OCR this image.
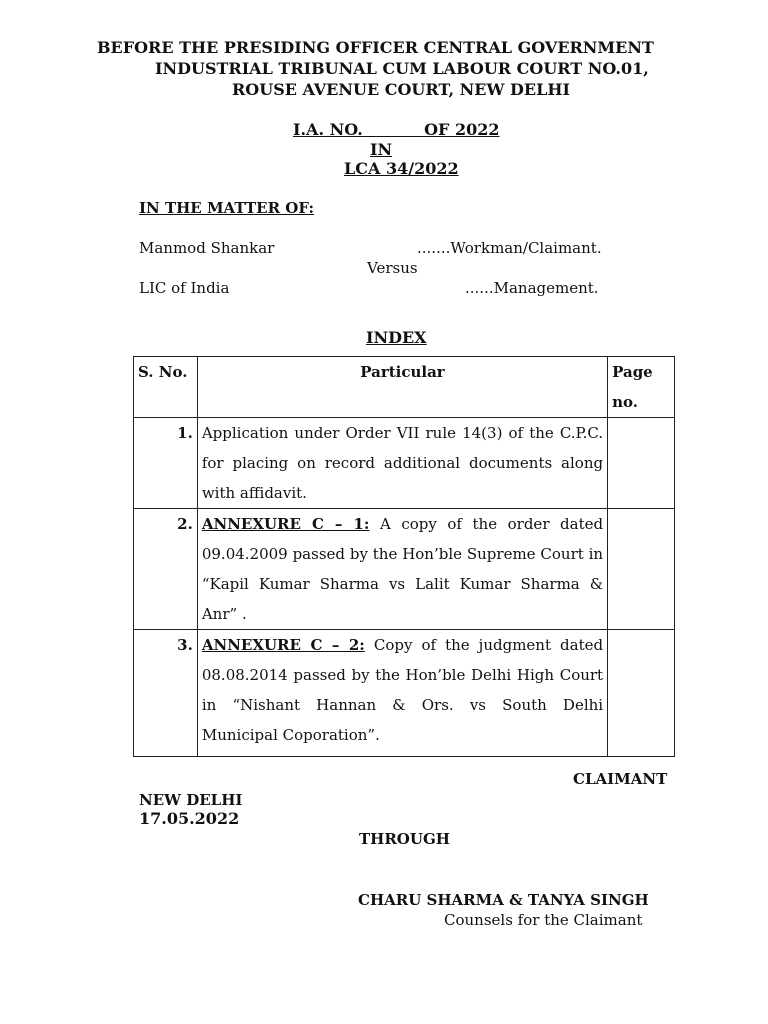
BEFORE THE PRESIDING OFFICER CENTRAL GOVERNMENT
INDUSTRIAL TRIBUNAL CUM LABOUR COURT NO.01,
ROUSE AVENUE COURT, NEW DELHI
I.A. NO.           OF 2022
IN
LCA 34/2022
IN THE MATTER OF:
Manmod Shankar	.......Workman/Claimant.
Versus
LIC of India	......Management.
INDEX
S. No.	Particular	Page no.
1.	Application under Order VII rule 14(3) of the C.P.C. for placing on record additional documents along with affidavit.	
2.	ANNEXURE C – 1: A copy of the order dated 09.04.2009 passed by the Hon’ble Supreme Court in “Kapil Kumar Sharma vs Lalit Kumar Sharma & Anr” .	
3.	ANNEXURE C – 2: Copy of the judgment dated 08.08.2014 passed by the Hon’ble Delhi High Court in “Nishant Hannan & Ors. vs South Delhi Municipal Coporation”.	
CLAIMANT
NEW DELHI
17.05.2022
THROUGH
CHARU SHARMA & TANYA SINGH
Counsels for the Claimant
